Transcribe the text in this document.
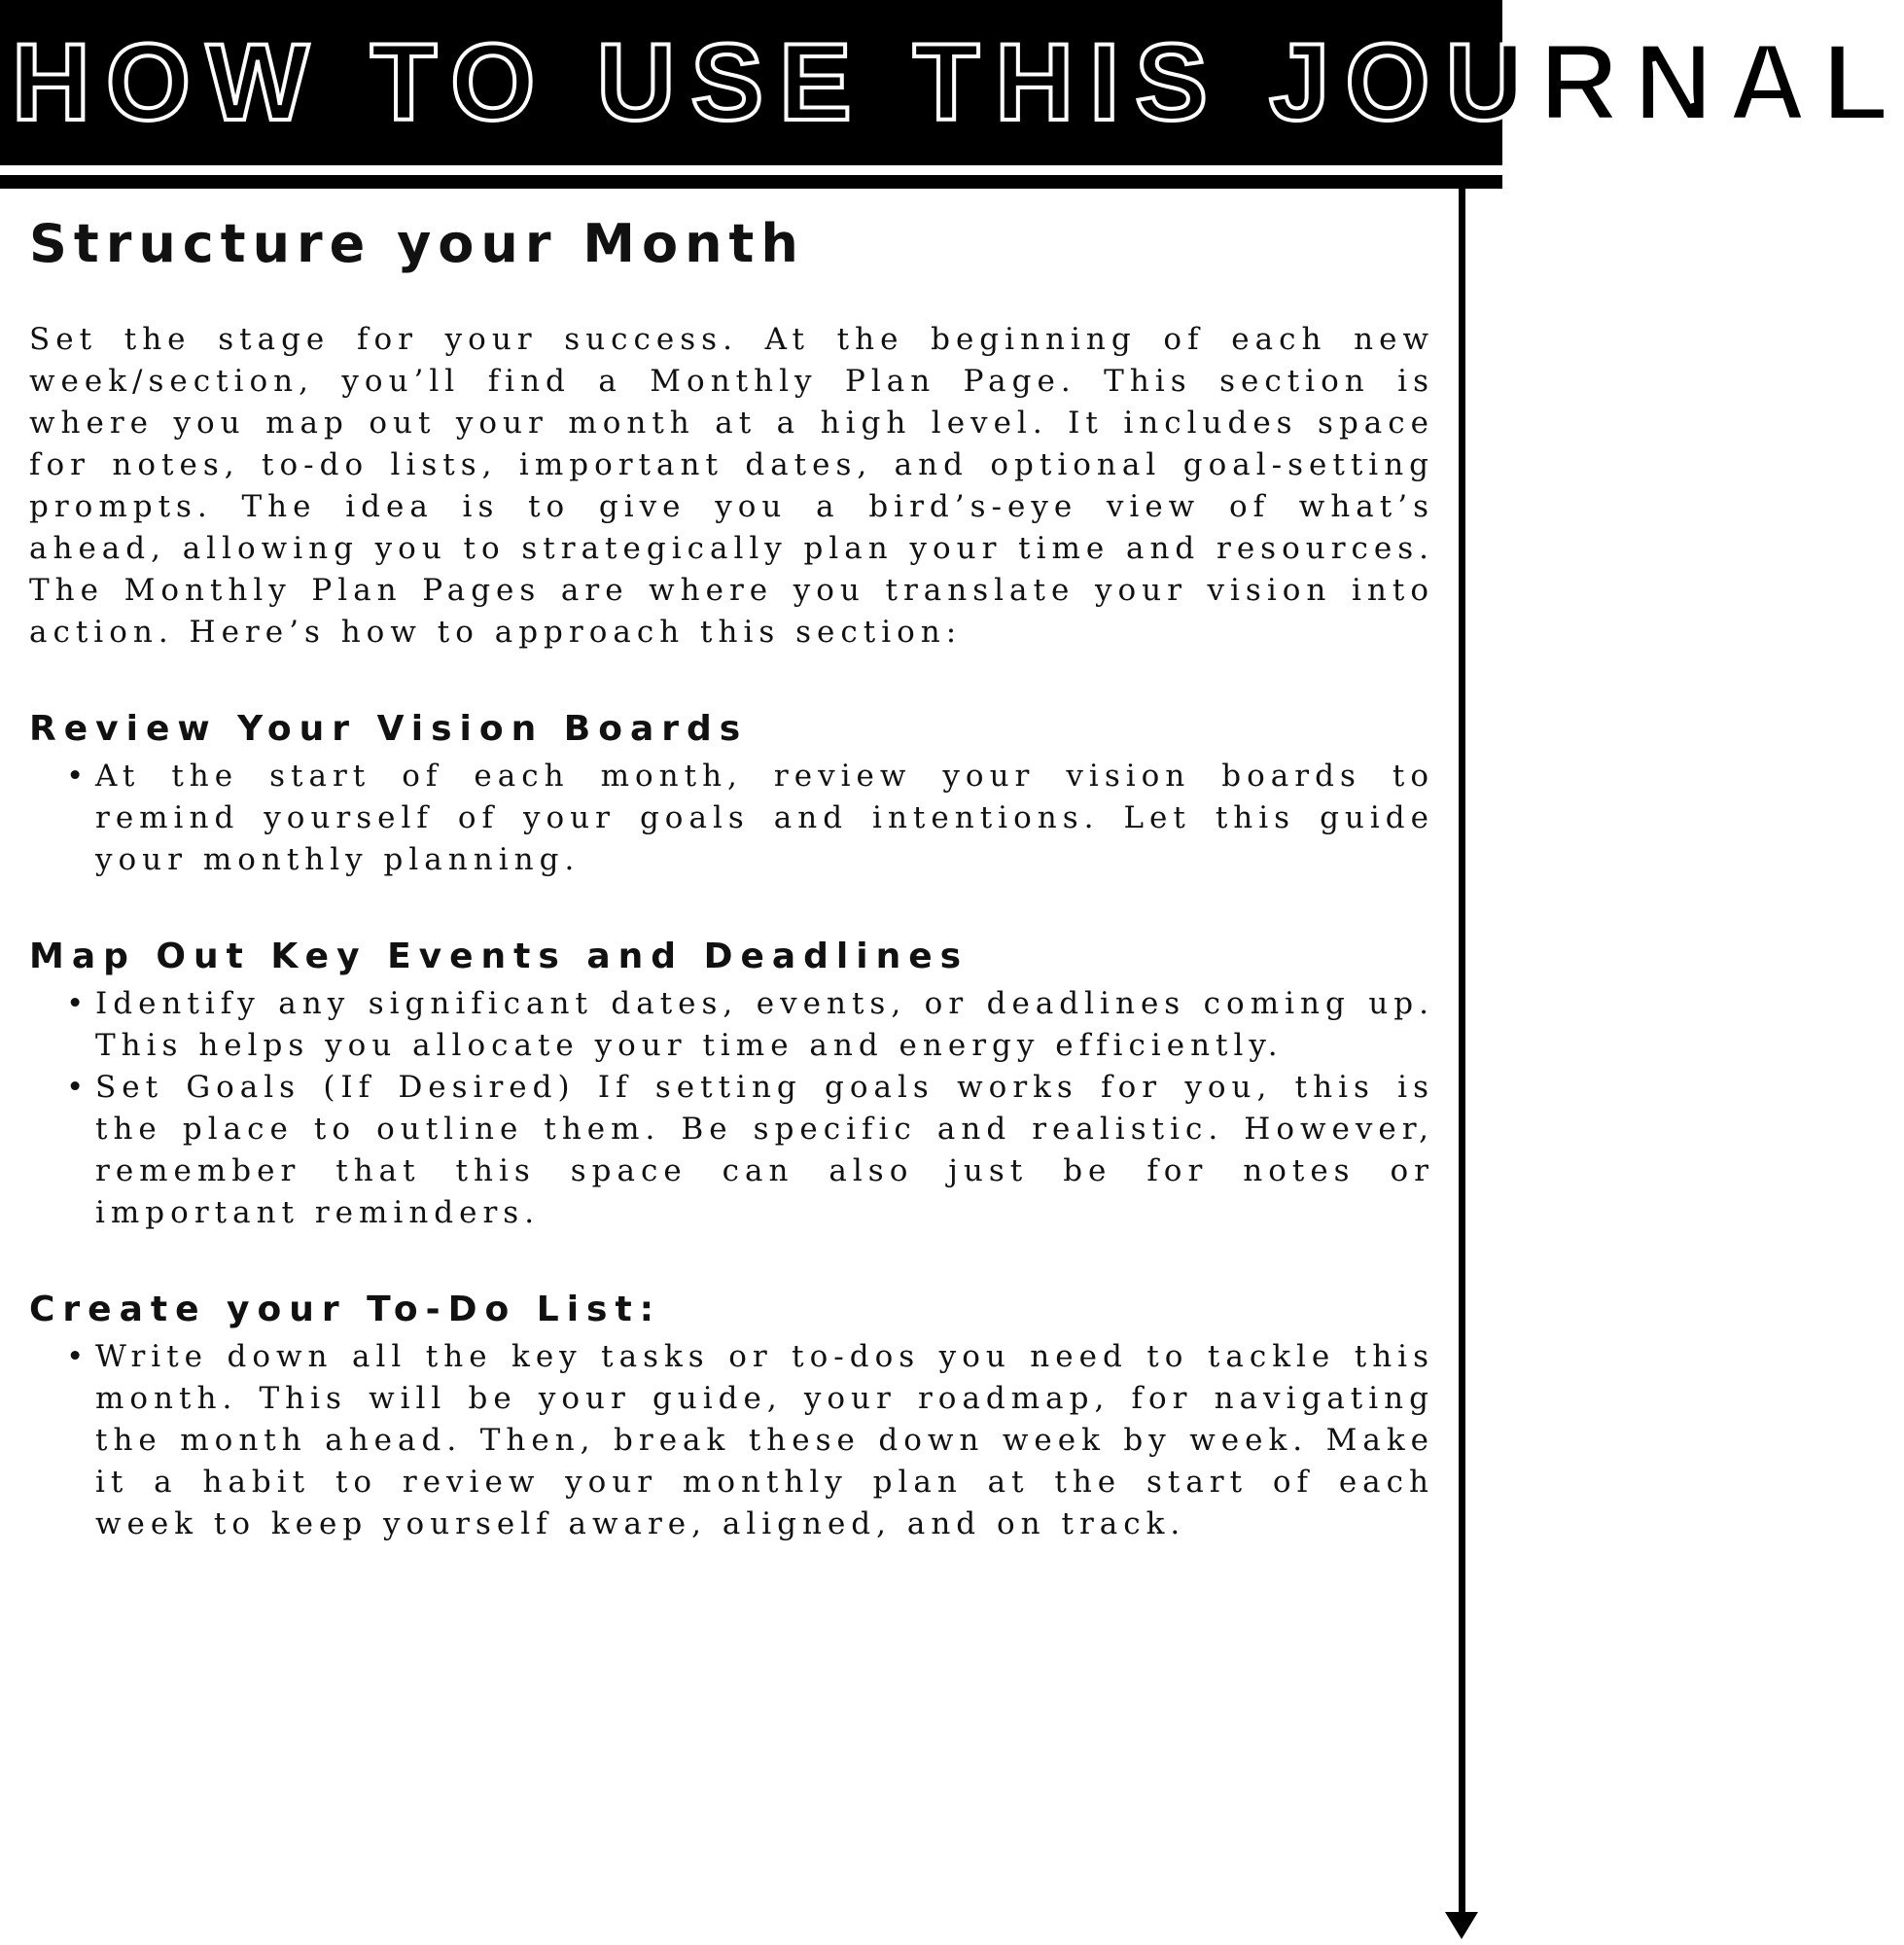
HOW TO USE THIS JOURNAL
Structure your Month

Set the stage for your success. At the beginning of each new week/section, you’ll find a Monthly Plan Page. This section is where you map out your month at a high level. It includes space for notes, to-do lists, important dates, and optional goal-setting prompts. The idea is to give you a bird’s-eye view of what’s ahead, allowing you to strategically plan your time and resources. The Monthly Plan Pages are where you translate your vision into action. Here’s how to approach this section:

Review Your Vision Boards
• At the start of each month, review your vision boards to remind yourself of your goals and intentions. Let this guide your monthly planning.
Map Out Key Events and Deadlines
• Identify any significant dates, events, or deadlines coming up. This helps you allocate your time and energy efficiently.
• Set Goals (If Desired) If setting goals works for you, this is the place to outline them. Be specific and realistic. However, remember that this space can also just be for notes or important reminders.
Create your To-Do List:
• Write down all the key tasks or to-dos you need to tackle this month. This will be your guide, your roadmap, for navigating the month ahead. Then, break these down week by week. Make it a habit to review your monthly plan at the start of each week to keep yourself aware, aligned, and on track.
